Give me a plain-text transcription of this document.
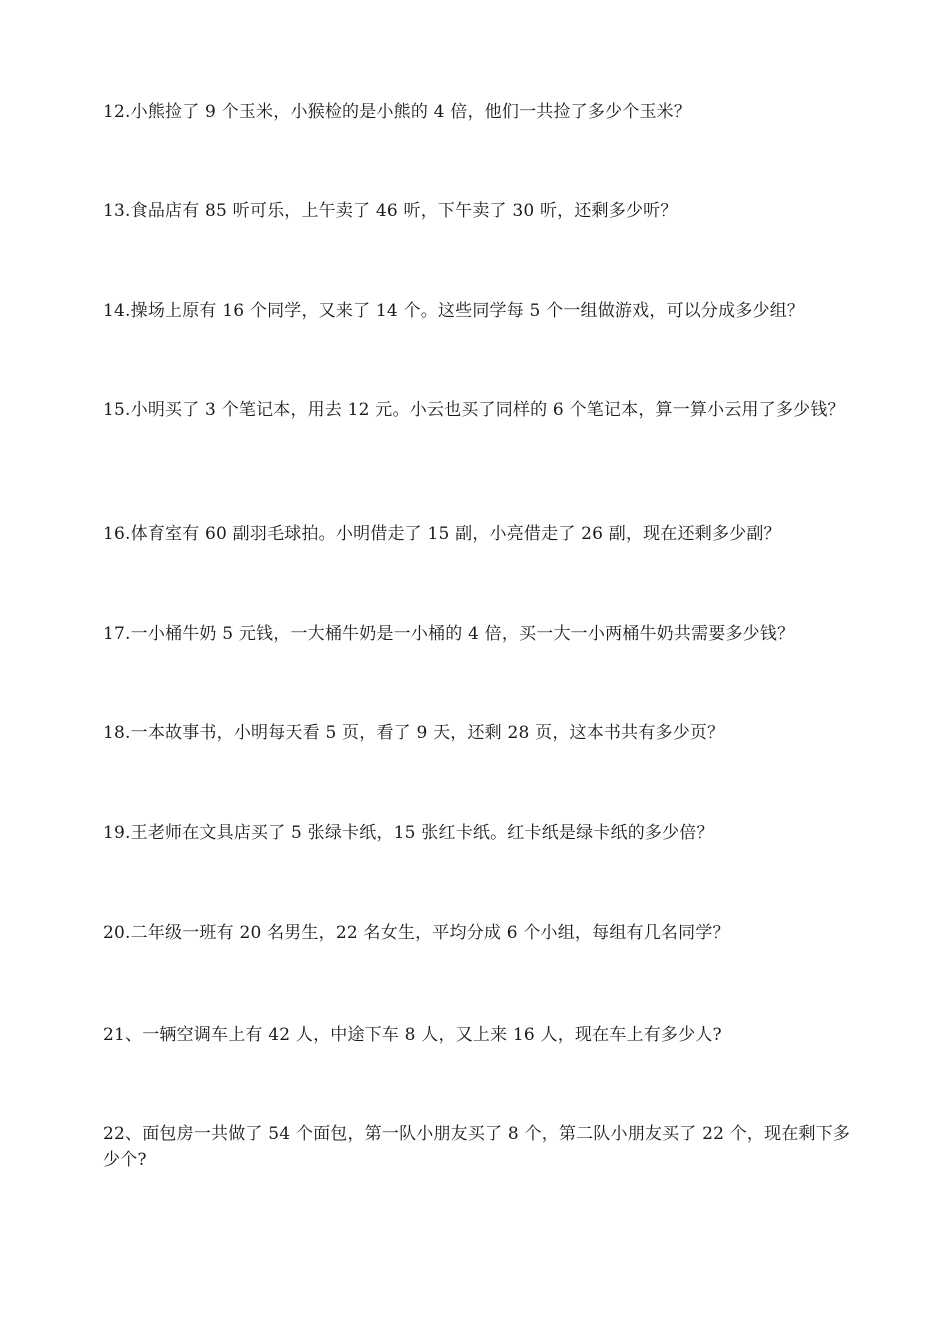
12.小熊捡了 9 个玉米，小猴检的是小熊的 4 倍，他们一共捡了多少个玉米？
13.食品店有 85 听可乐，上午卖了 46 听，下午卖了 30 听，还剩多少听？
14.操场上原有 16 个同学，又来了 14 个。这些同学每 5 个一组做游戏，可以分成多少组？
15.小明买了 3 个笔记本，用去 12 元。小云也买了同样的 6 个笔记本，算一算小云用了多少钱？
16.体育室有 60 副羽毛球拍。小明借走了 15 副，小亮借走了 26 副，现在还剩多少副？
17.一小桶牛奶 5 元钱，一大桶牛奶是一小桶的 4 倍，买一大一小两桶牛奶共需要多少钱？
18.一本故事书，小明每天看 5 页，看了 9 天，还剩 28 页，这本书共有多少页？
19.王老师在文具店买了 5 张绿卡纸，15 张红卡纸。红卡纸是绿卡纸的多少倍？
20.二年级一班有 20 名男生，22 名女生，平均分成 6 个小组，每组有几名同学？
21、一辆空调车上有 42 人，中途下车 8 人，又上来 16 人，现在车上有多少人?
22、面包房一共做了 54 个面包，第一队小朋友买了 8 个，第二队小朋友买了 22 个，现在剩下多少个?
